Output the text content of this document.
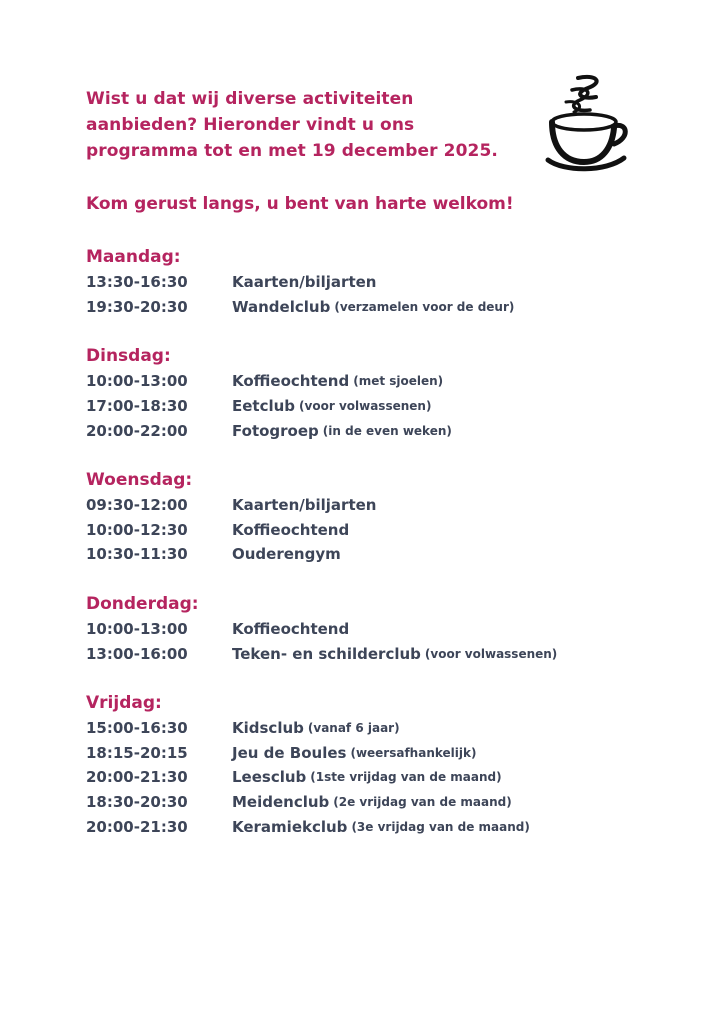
Wist u dat wij diverse activiteiten
aanbieden? Hieronder vindt u ons
programma tot en met 19 december 2025.
Kom gerust langs, u bent van harte welkom!
Maandag:
13:30-16:30	Kaarten/biljarten
19:30-20:30	Wandelclub (verzamelen voor de deur)
Dinsdag:
10:00-13:00	Koffieochtend (met sjoelen)
17:00-18:30	Eetclub (voor volwassenen)
20:00-22:00	Fotogroep (in de even weken)
Woensdag:
09:30-12:00	Kaarten/biljarten
10:00-12:30	Koffieochtend
10:30-11:30	Ouderengym
Donderdag:
10:00-13:00	Koffieochtend
13:00-16:00	Teken- en schilderclub (voor volwassenen)
Vrijdag:
15:00-16:30	Kidsclub (vanaf 6 jaar)
18:15-20:15	Jeu de Boules (weersafhankelijk)
20:00-21:30	Leesclub (1ste vrijdag van de maand)
18:30-20:30	Meidenclub (2e vrijdag van de maand)
20:00-21:30	Keramiekclub (3e vrijdag van de maand)
